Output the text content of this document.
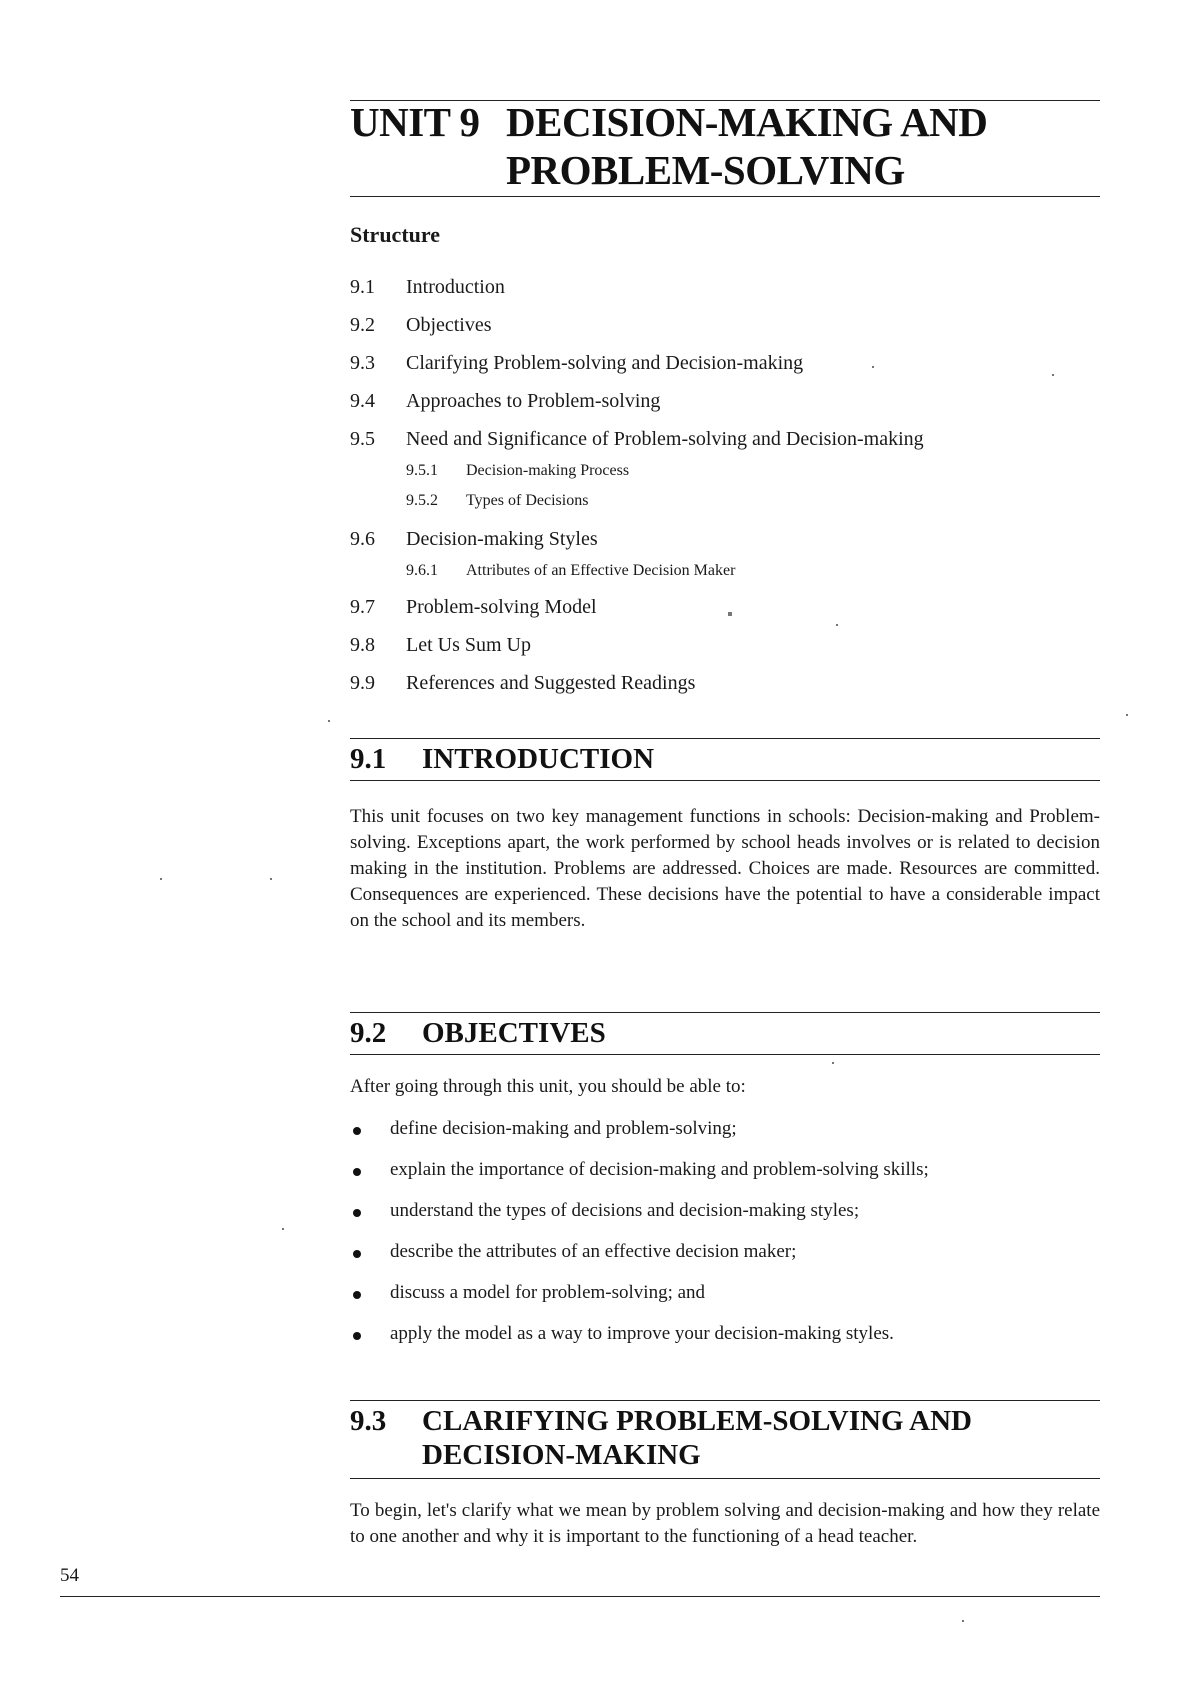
UNIT 9 DECISION-MAKING AND
PROBLEM-SOLVING
Structure
9.1 Introduction
9.2 Objectives
9.3 Clarifying Problem-solving and Decision-making
9.4 Approaches to Problem-solving
9.5 Need and Significance of Problem-solving and Decision-making
9.5.1 Decision-making Process
9.5.2 Types of Decisions
9.6 Decision-making Styles
9.6.1 Attributes of an Effective Decision Maker
9.7 Problem-solving Model
9.8 Let Us Sum Up
9.9 References and Suggested Readings
9.1 INTRODUCTION
This unit focuses on two key management functions in schools: Decision-making and Problem-solving. Exceptions apart, the work performed by school heads involves or is related to decision making in the institution. Problems are addressed. Choices are made. Resources are committed. Consequences are experienced. These decisions have the potential to have a considerable impact on the school and its members.
9.2 OBJECTIVES
After going through this unit, you should be able to:
define decision-making and problem-solving;
explain the importance of decision-making and problem-solving skills;
understand the types of decisions and decision-making styles;
describe the attributes of an effective decision maker;
discuss a model for problem-solving; and
apply the model as a way to improve your decision-making styles.
9.3 CLARIFYING PROBLEM-SOLVING AND
DECISION-MAKING
To begin, let's clarify what we mean by problem solving and decision-making and how they relate to one another and why it is important to the functioning of a head teacher.
54
